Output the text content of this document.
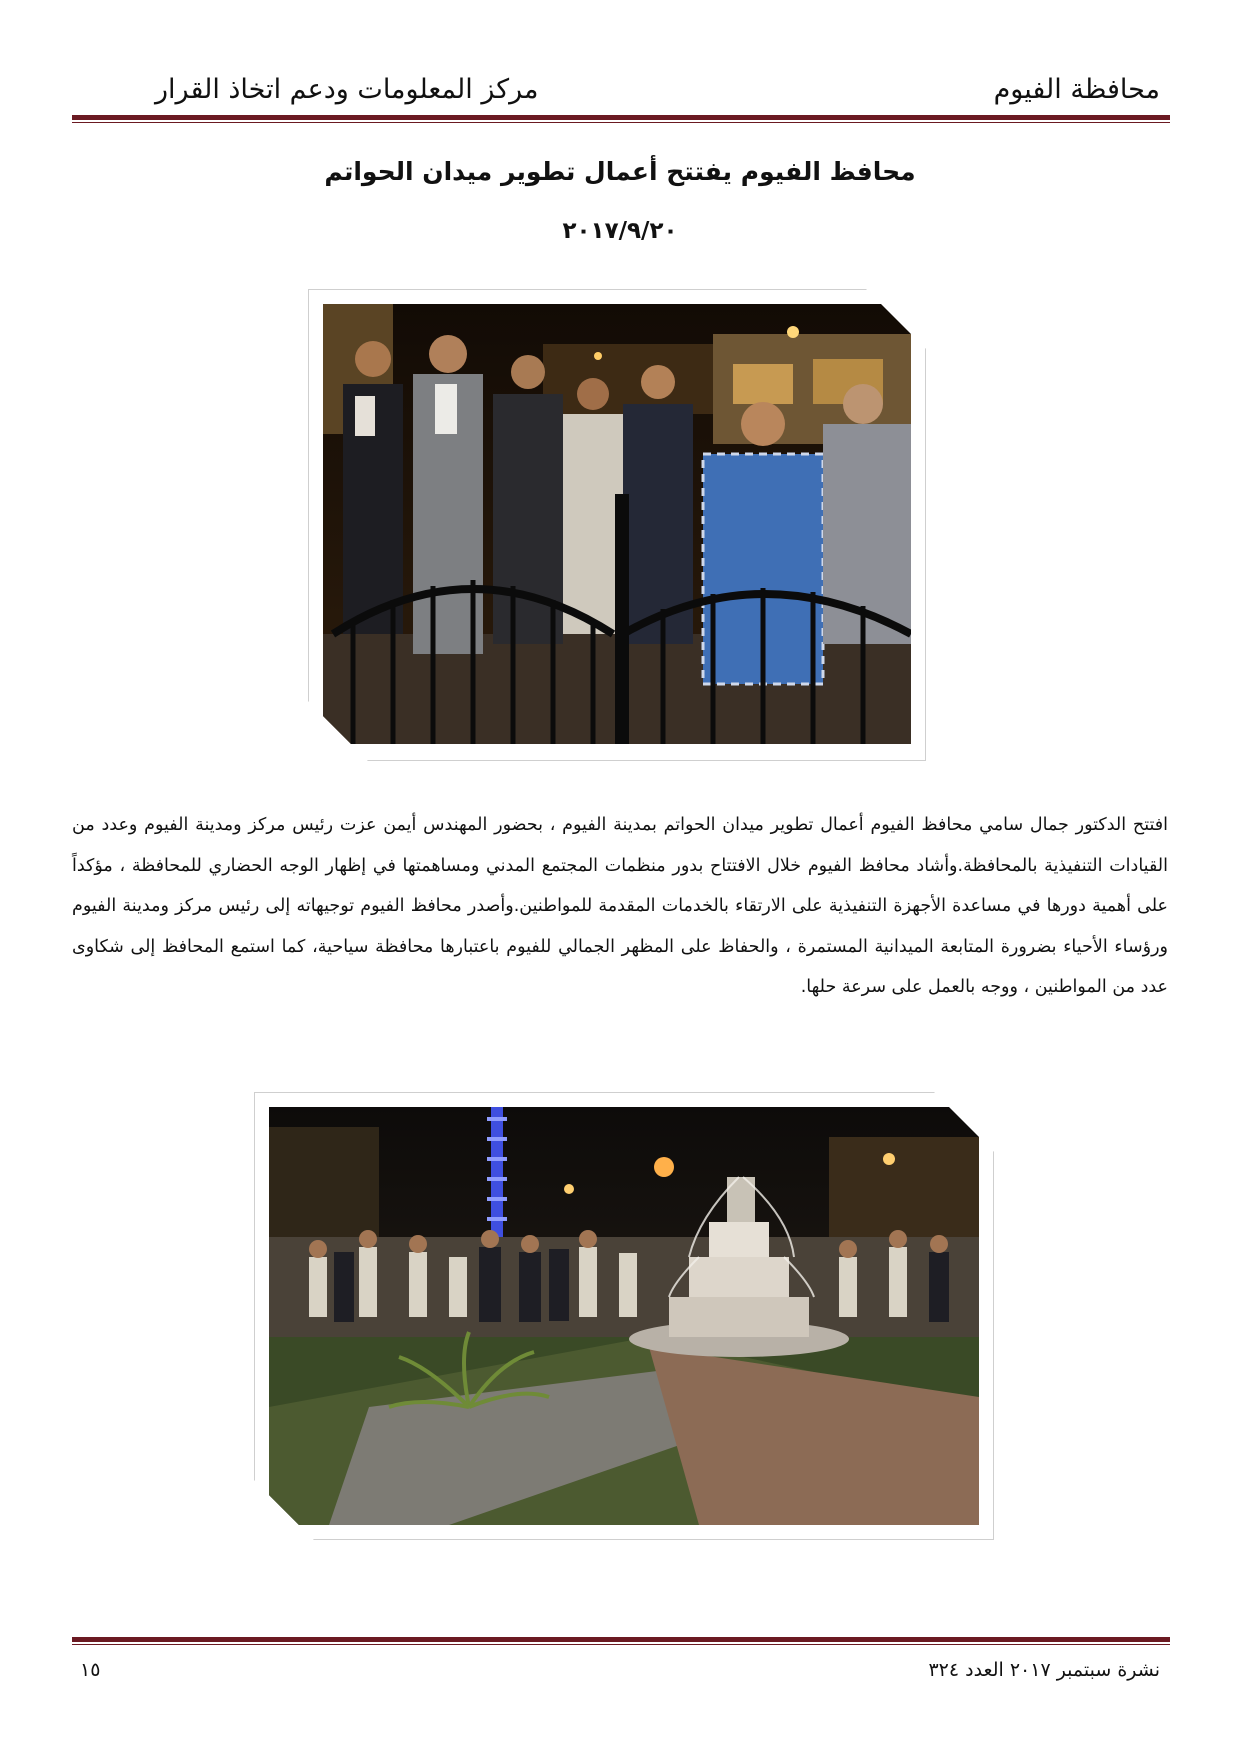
محافظة الفيوم
مركز المعلومات ودعم اتخاذ القرار
محافظ الفيوم يفتتح أعمال تطوير ميدان الحواتم
٢٠١٧/٩/٢٠
افتتح الدكتور جمال سامي محافظ الفيوم أعمال تطوير ميدان الحواتم بمدينة الفيوم ، بحضور المهندس أيمن عزت رئيس مركز ومدينة الفيوم وعدد من القيادات التنفيذية بالمحافظة.وأشاد محافظ الفيوم خلال الافتتاح بدور منظمات المجتمع المدني ومساهمتها في إظهار الوجه الحضاري للمحافظة ، مؤكداً على أهمية دورها في مساعدة الأجهزة التنفيذية على الارتقاء بالخدمات المقدمة للمواطنين.وأصدر محافظ الفيوم توجيهاته إلى رئيس مركز ومدينة الفيوم ورؤساء الأحياء بضرورة المتابعة الميدانية المستمرة ، والحفاظ على المظهر الجمالي للفيوم باعتبارها محافظة سياحية، كما استمع المحافظ إلى شكاوى عدد من المواطنين ، ووجه بالعمل على سرعة حلها.
١٥	نشرة سبتمبر ٢٠١٧ العدد ٣٢٤
